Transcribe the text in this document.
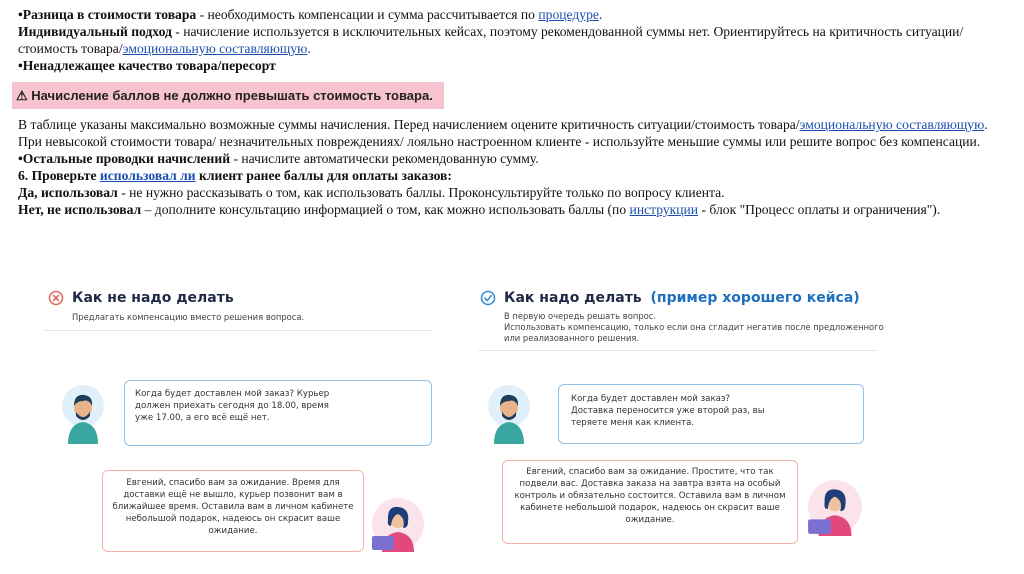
•Разница в стоимости товара - необходимость компенсации и сумма рассчитывается по процедуре.

Индивидуальный подход - начисление используется в исключительных кейсах, поэтому рекомендованной суммы нет. Ориентируйтесь на критичность ситуации/стоимость товара/эмоциональную составляющую.

•Ненадлежащее качество товара/пересорт

⚠ Начисление баллов не должно превышать стоимость товара.

В таблице указаны максимально возможные суммы начисления. Перед начислением оцените критичность ситуации/стоимость товара/эмоциональную составляющую. При невысокой стоимости товара/ незначительных повреждениях/ лояльно настроенном клиенте - используйте меньшие суммы или решите вопрос без компенсации.

•Остальные проводки начислений - начислите автоматически рекомендованную сумму.

6. Проверьте использовал ли клиент ранее баллы для оплаты заказов:

Да, использовал - не нужно рассказывать о том, как использовать баллы. Проконсультируйте только по вопросу клиента.

Нет, не использовал – дополните консультацию информацией о том, как можно использовать баллы (по инструкции - блок "Процесс оплаты и ограничения").

Как не надо делать
Предлагать компенсацию вместо решения вопроса.
Когда будет доставлен мой заказ? Курьер должен приехать сегодня до 18.00, время уже 17.00, а его всё ещё нет.
Евгений, спасибо вам за ожидание. Время для доставки ещё не вышло, курьер позвонит вам в ближайшее время. Оставила вам в личном кабинете небольшой подарок, надеюсь он скрасит ваше ожидание.
Как надо делать (пример хорошего кейса)
В первую очередь решать вопрос.
Использовать компенсацию, только если она сгладит негатив после предложенного или реализованного решения.
Когда будет доставлен мой заказ? Доставка переносится уже второй раз, вы теряете меня как клиента.
Евгений, спасибо вам за ожидание. Простите, что так подвели вас. Доставка заказа на завтра взята на особый контроль и обязательно состоится. Оставила вам в личном кабинете небольшой подарок, надеюсь он скрасит ваше ожидание.
